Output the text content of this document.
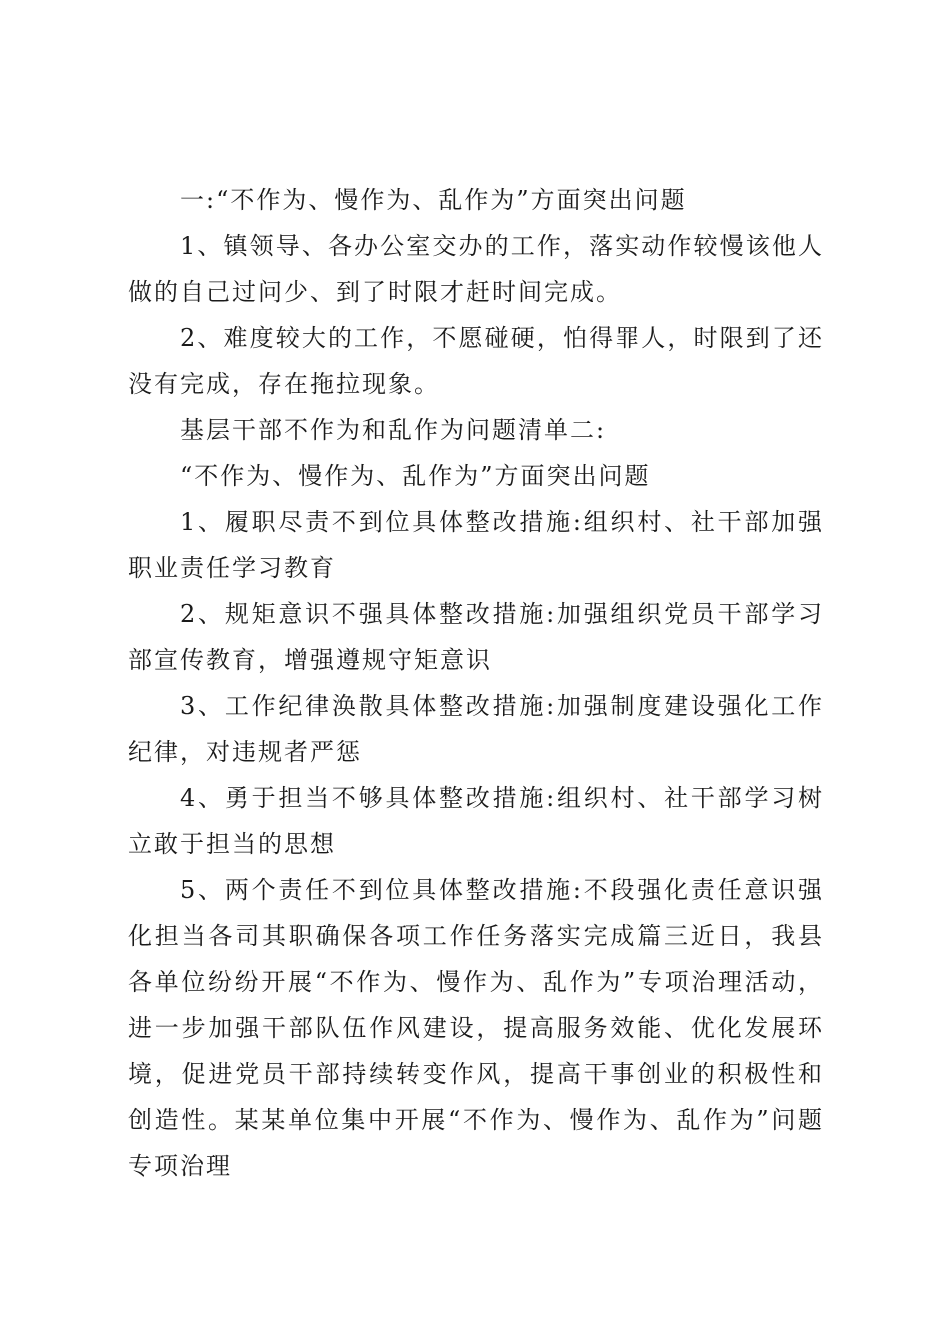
一:“不作为、慢作为、乱作为”方面突出问题

1、镇领导、各办公室交办的工作，落实动作较慢该他人做的自己过问少、到了时限才赶时间完成。

2、难度较大的工作，不愿碰硬，怕得罪人，时限到了还没有完成，存在拖拉现象。

基层干部不作为和乱作为问题清单二:

“不作为、慢作为、乱作为”方面突出问题

1、履职尽责不到位具体整改措施:组织村、社干部加强职业责任学习教育

2、规矩意识不强具体整改措施:加强组织党员干部学习部宣传教育，增强遵规守矩意识

3、工作纪律涣散具体整改措施:加强制度建设强化工作纪律，对违规者严惩

4、勇于担当不够具体整改措施:组织村、社干部学习树立敢于担当的思想

5、两个责任不到位具体整改措施:不段强化责任意识强化担当各司其职确保各项工作任务落实完成篇三近日，我县各单位纷纷开展“不作为、慢作为、乱作为”专项治理活动，进一步加强干部队伍作风建设，提高服务效能、优化发展环境，促进党员干部持续转变作风，提高干事创业的积极性和创造性。某某单位集中开展“不作为、慢作为、乱作为”问题专项治理
